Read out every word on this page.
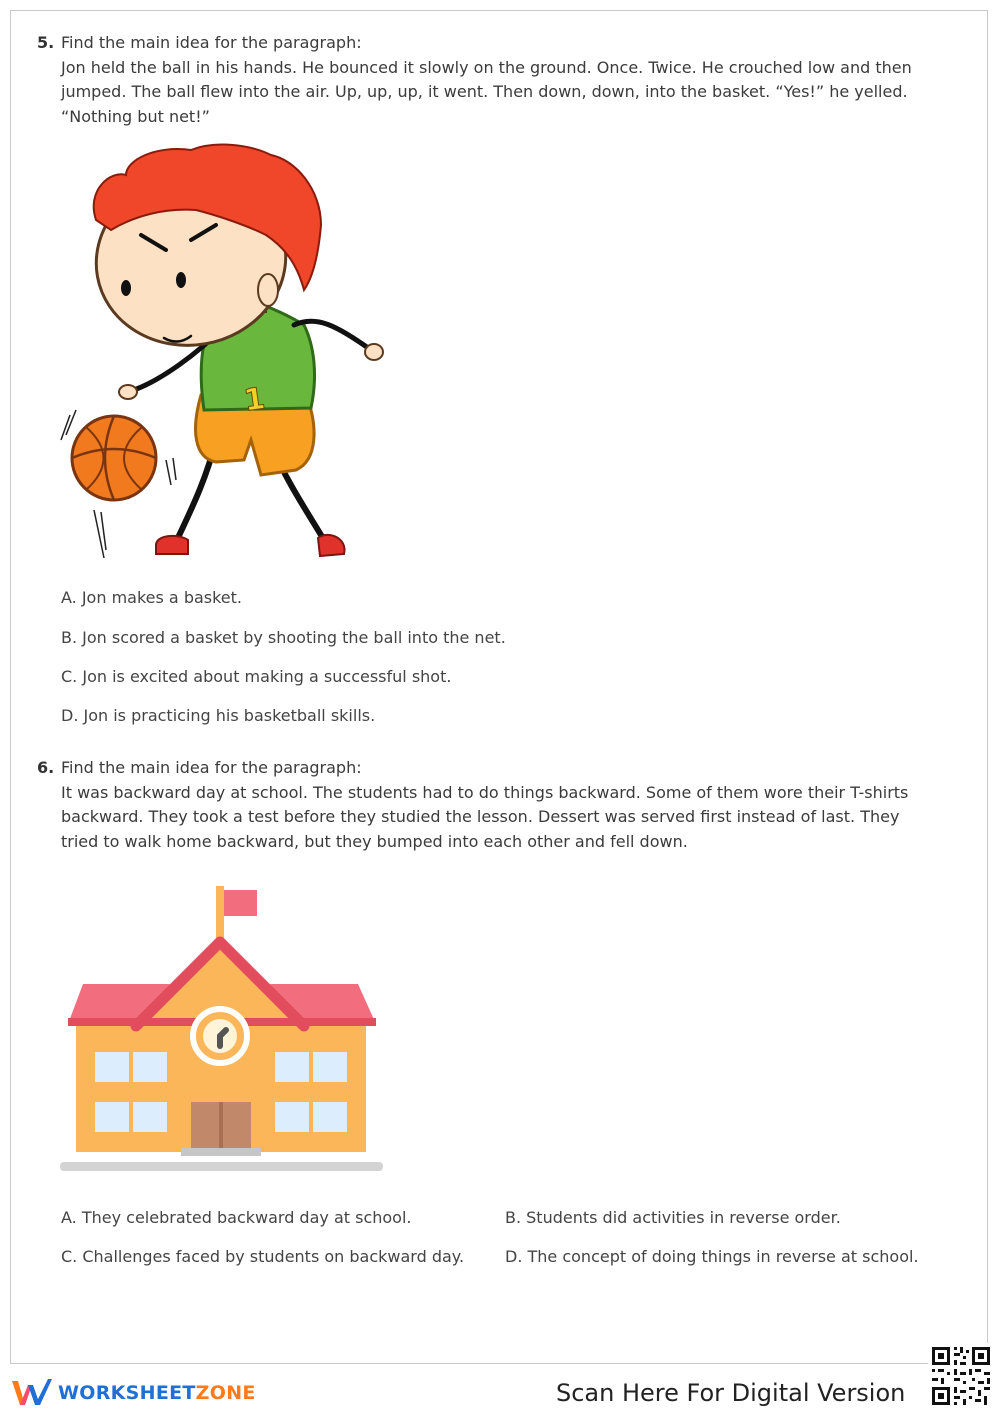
5. Find the main idea for the paragraph:
Jon held the ball in his hands. He bounced it slowly on the ground. Once. Twice. He crouched low and then jumped. The ball flew into the air. Up, up, up, it went. Then down, down, into the basket. “Yes!” he yelled. “Nothing but net!”
1
A. Jon makes a basket.
B. Jon scored a basket by shooting the ball into the net.
C. Jon is excited about making a successful shot.
D. Jon is practicing his basketball skills.
6. Find the main idea for the paragraph:
It was backward day at school. The students had to do things backward. Some of them wore their T-shirts backward. They took a test before they studied the lesson. Dessert was served first instead of last. They tried to walk home backward, but they bumped into each other and fell down.
A. They celebrated backward day at school.	B. Students did activities in reverse order.
C. Challenges faced by students on backward day.	D. The concept of doing things in reverse at school.
WORKSHEETZONE	Scan Here For Digital Version
